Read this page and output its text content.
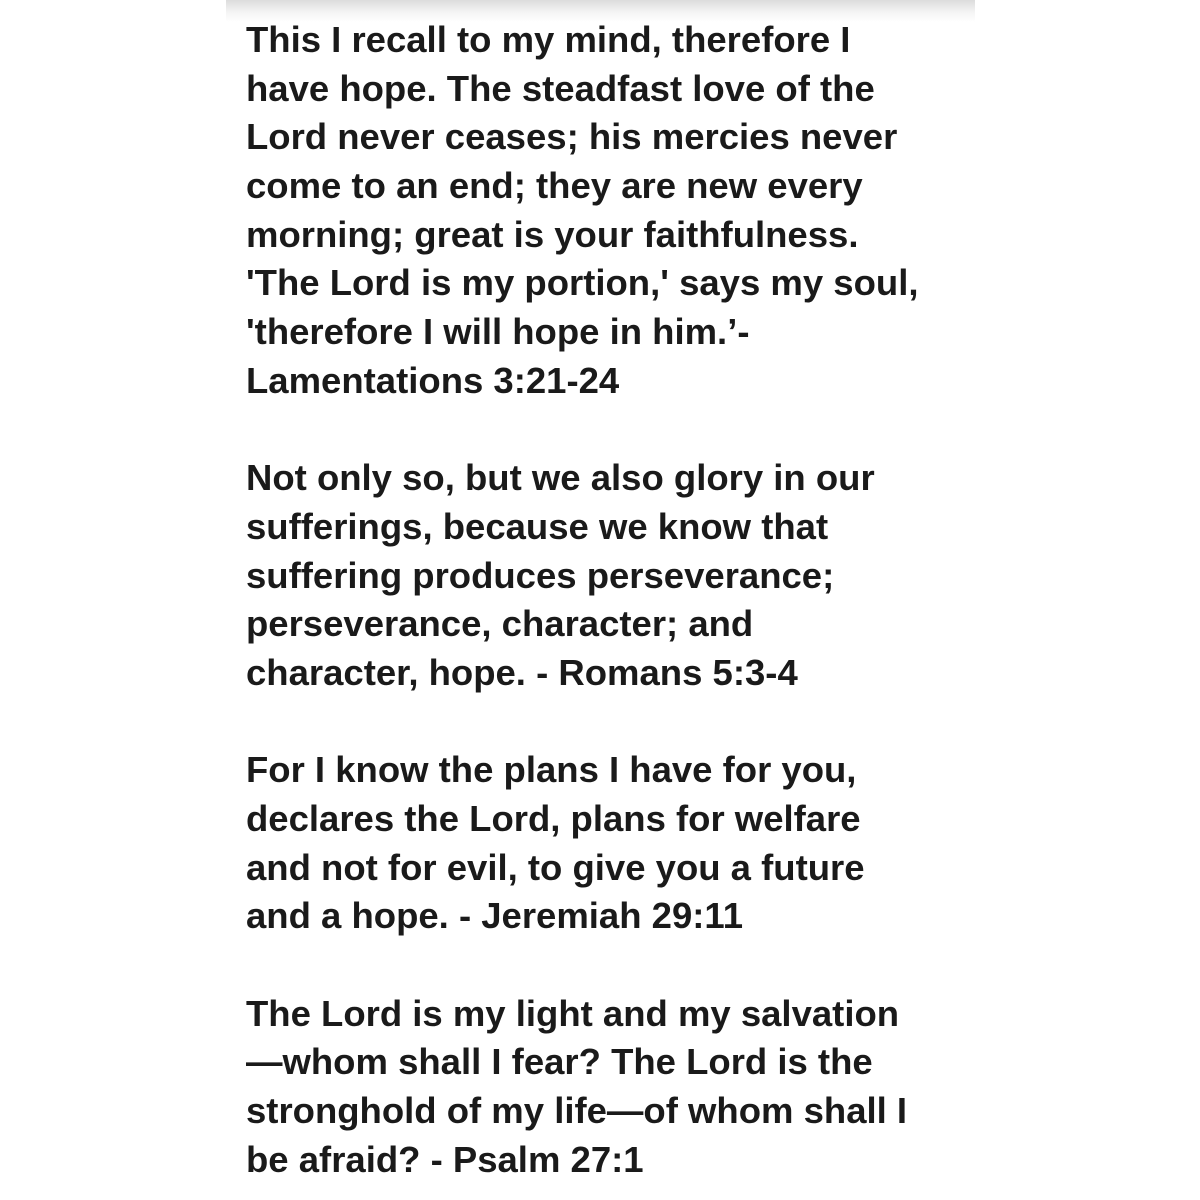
This I recall to my mind, therefore I
have hope. The steadfast love of the
Lord never ceases; his mercies never
come to an end; they are new every
morning; great is your faithfulness.
'The Lord is my portion,' says my soul,
'therefore I will hope in him.’-
Lamentations 3:21-24
Not only so, but we also glory in our
sufferings, because we know that
suffering produces perseverance;
perseverance, character; and
character, hope. - Romans 5:3-4
For I know the plans I have for you,
declares the Lord, plans for welfare
and not for evil, to give you a future
and a hope. - Jeremiah 29:11
The Lord is my light and my salvation
—whom shall I fear? The Lord is the
stronghold of my life—of whom shall I
be afraid? - Psalm 27:1
